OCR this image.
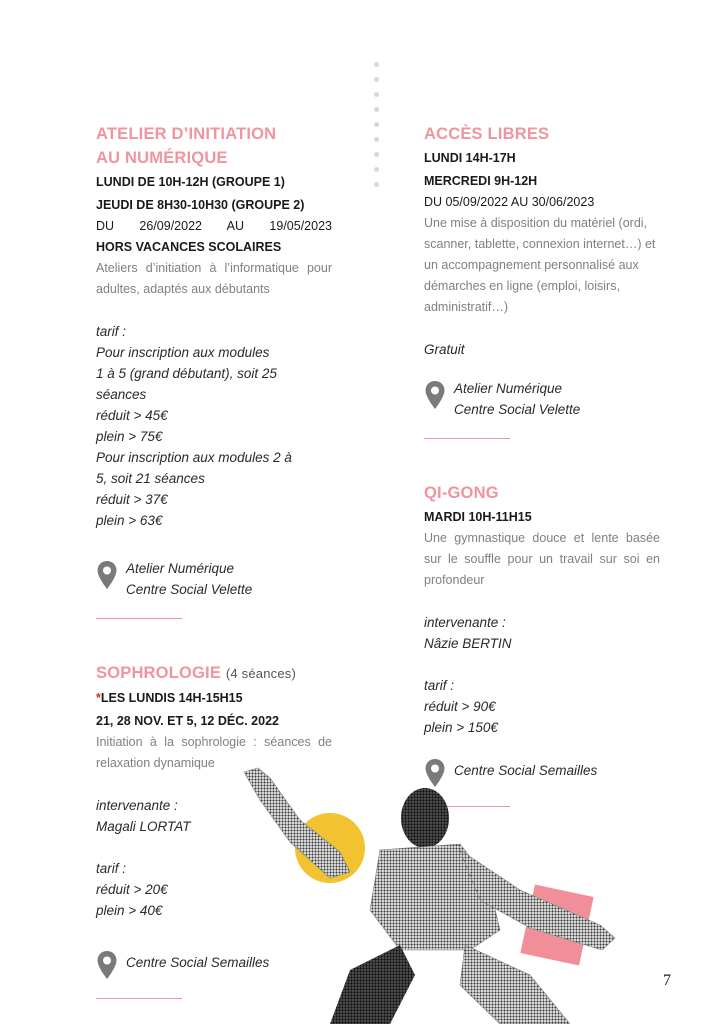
ATELIER D’INITIATION
AU NUMÉRIQUE
LUNDI DE 10H-12H (GROUPE 1)
JEUDI DE 8H30-10H30 (GROUPE 2)
DU 26/09/2022 AU 19/05/2023
HORS VACANCES SCOLAIRES
Ateliers d’initiation à l’informatique pour adultes, adaptés aux débutants
tarif :
Pour inscription aux modules
1 à 5 (grand débutant), soit 25
séances
réduit > 45€
plein > 75€
Pour inscription aux modules 2 à
5, soit 21 séances
réduit > 37€
plein > 63€
Atelier Numérique
Centre Social Velette
SOPHROLOGIE (4 séances)
*LES LUNDIS 14H-15H15
21, 28 NOV. ET 5, 12 DÉC. 2022
Initiation à la sophrologie : séances de relaxation dynamique
intervenante :
Magali LORTAT
tarif :
réduit > 20€
plein > 40€
Centre Social Semailles
ACCÈS LIBRES
LUNDI 14H-17H
MERCREDI 9H-12H
DU 05/09/2022 AU 30/06/2023
Une mise à disposition du matériel (ordi, scanner, tablette, connexion internet…) et un accompagnement personnalisé aux démarches en ligne (emploi, loisirs, administratif…)
Gratuit
Atelier Numérique
Centre Social Velette
QI-GONG
MARDI 10H-11H15
Une gymnastique douce et lente basée sur le souffle pour un travail sur soi en profondeur
intervenante :
Nâzie BERTIN
tarif :
réduit > 90€
plein > 150€
Centre Social Semailles
7
